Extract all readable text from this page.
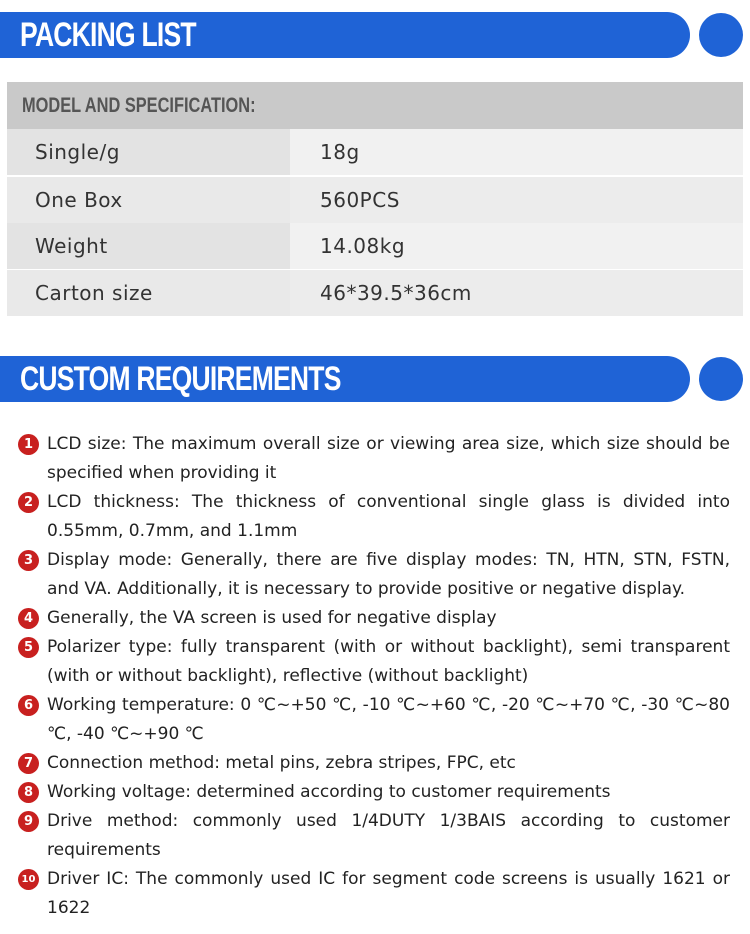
PACKING LIST
MODEL AND SPECIFICATION:
Single/g	18g
One Box	560PCS
Weight	14.08kg
Carton size	46*39.5*36cm
CUSTOM REQUIREMENTS
1 LCD size: The maximum overall size or viewing area size, which size should be specified when providing it
2 LCD thickness: The thickness of conventional single glass is divided into 0.55mm, 0.7mm, and 1.1mm
3 Display mode: Generally, there are five display modes: TN, HTN, STN, FSTN, and VA. Additionally, it is necessary to provide positive or negative display.
4 Generally, the VA screen is used for negative display
5 Polarizer type: fully transparent (with or without backlight), semi transparent (with or without backlight), reflective (without backlight)
6 Working temperature: 0 ℃~+50 ℃, -10 ℃~+60 ℃, -20 ℃~+70 ℃, -30 ℃~80 ℃, -40 ℃~+90 ℃
7 Connection method: metal pins, zebra stripes, FPC, etc
8 Working voltage: determined according to customer requirements
9 Drive method: commonly used 1/4DUTY 1/3BAIS according to customer requirements
10 Driver IC: The commonly used IC for segment code screens is usually 1621 or 1622
